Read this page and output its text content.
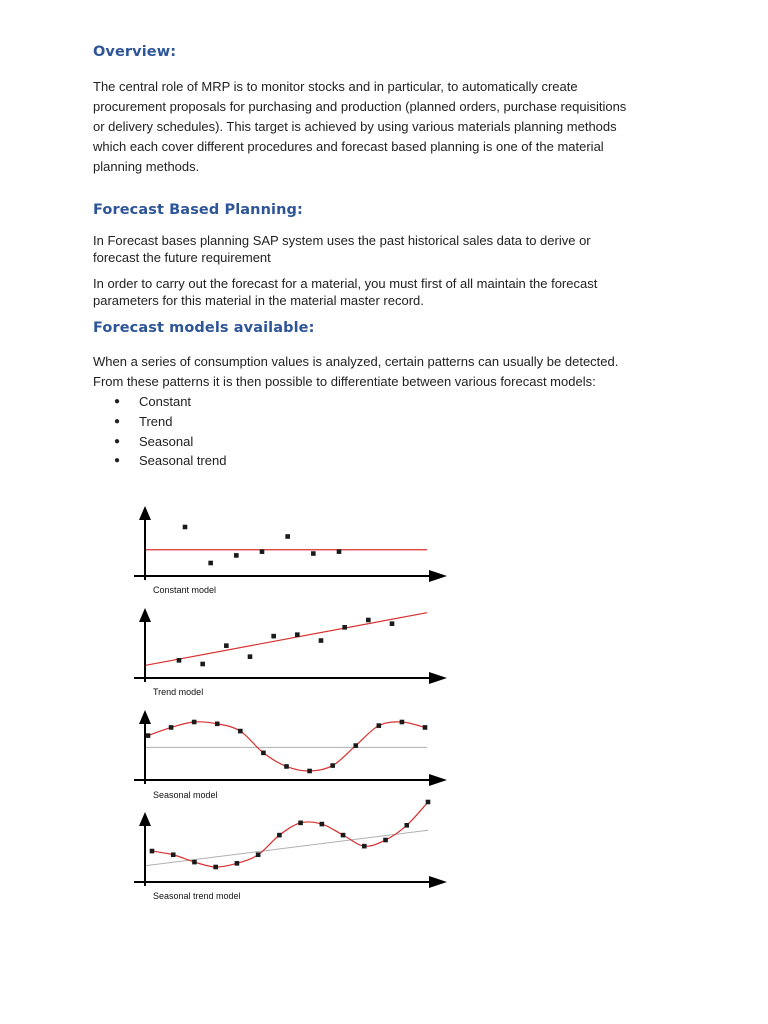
Overview:
The central role of MRP is to monitor stocks and in particular, to automatically create
procurement proposals for purchasing and production (planned orders, purchase requisitions
or delivery schedules). This target is achieved by using various materials planning methods
which each cover different procedures and forecast based planning is one of the material
planning methods.
Forecast Based Planning:
In Forecast bases planning SAP system uses the past historical sales data to derive or
forecast the future requirement
In order to carry out the forecast for a material, you must first of all maintain the forecast
parameters for this material in the material master record.
Forecast models available:
When a series of consumption values is analyzed, certain patterns can usually be detected.
From these patterns it is then possible to differentiate between various forecast models:
● Constant
● Trend
● Seasonal
● Seasonal trend
Constant model
Trend model
Seasonal model
Seasonal trend model
